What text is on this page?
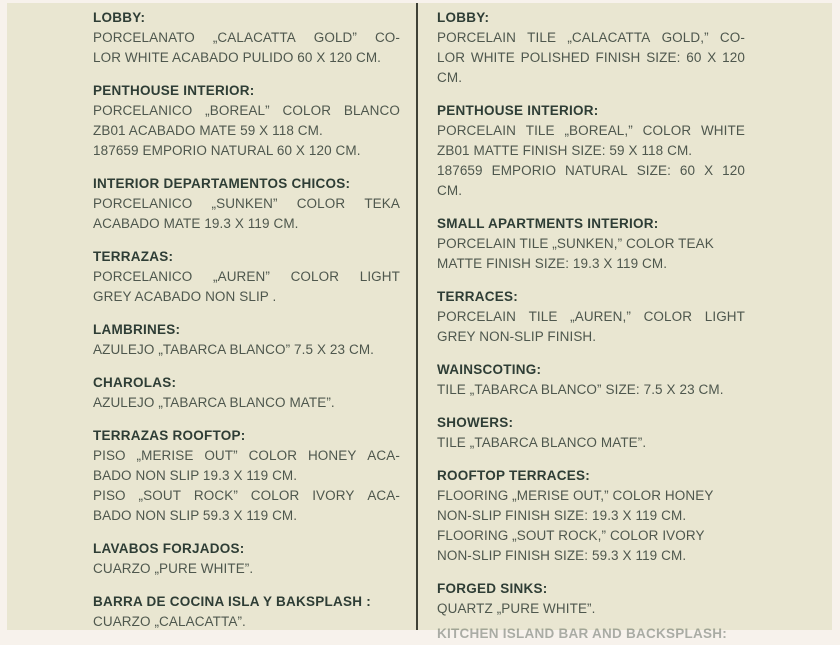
LOBBY:
PORCELANATO „CALACATTA GOLD” CO-
LOR WHITE ACABADO PULIDO 60 X 120 CM.
PENTHOUSE INTERIOR:
PORCELANICO „BOREAL” COLOR BLANCO
ZB01 ACABADO MATE 59 X 118 CM.
187659 EMPORIO NATURAL 60 X 120 CM.
INTERIOR DEPARTAMENTOS CHICOS:
PORCELANICO „SUNKEN” COLOR TEKA
ACABADO MATE 19.3 X 119 CM.
TERRAZAS:
PORCELANICO „AUREN” COLOR LIGHT
GREY ACABADO NON SLIP .
LAMBRINES:
AZULEJO „TABARCA BLANCO” 7.5 X 23 CM.
CHAROLAS:
AZULEJO „TABARCA BLANCO MATE”.
TERRAZAS ROOFTOP:
PISO „MERISE OUT” COLOR HONEY ACA-
BADO NON SLIP 19.3 X 119 CM.
PISO „SOUT ROCK” COLOR IVORY ACA-
BADO NON SLIP 59.3 X 119 CM.
LAVABOS FORJADOS:
CUARZO „PURE WHITE”.
BARRA DE COCINA ISLA Y BAKSPLASH :
CUARZO „CALACATTA”.
LOBBY:
PORCELAIN TILE „CALACATTA GOLD,” CO-
LOR WHITE POLISHED FINISH SIZE: 60 X 120
CM.
PENTHOUSE INTERIOR:
PORCELAIN TILE „BOREAL,” COLOR WHITE
ZB01 MATTE FINISH SIZE: 59 X 118 CM.
187659 EMPORIO NATURAL SIZE: 60 X 120
CM.
SMALL APARTMENTS INTERIOR:
PORCELAIN TILE „SUNKEN,” COLOR TEAK
MATTE FINISH SIZE: 19.3 X 119 CM.
TERRACES:
PORCELAIN TILE „AUREN,” COLOR LIGHT
GREY NON-SLIP FINISH.
WAINSCOTING:
TILE „TABARCA BLANCO” SIZE: 7.5 X 23 CM.
SHOWERS:
TILE „TABARCA BLANCO MATE”.
ROOFTOP TERRACES:
FLOORING „MERISE OUT,” COLOR HONEY
NON-SLIP FINISH SIZE: 19.3 X 119 CM.
FLOORING „SOUT ROCK,” COLOR IVORY
NON-SLIP FINISH SIZE: 59.3 X 119 CM.
FORGED SINKS:
QUARTZ „PURE WHITE”.
KITCHEN ISLAND BAR AND BACKSPLASH:
